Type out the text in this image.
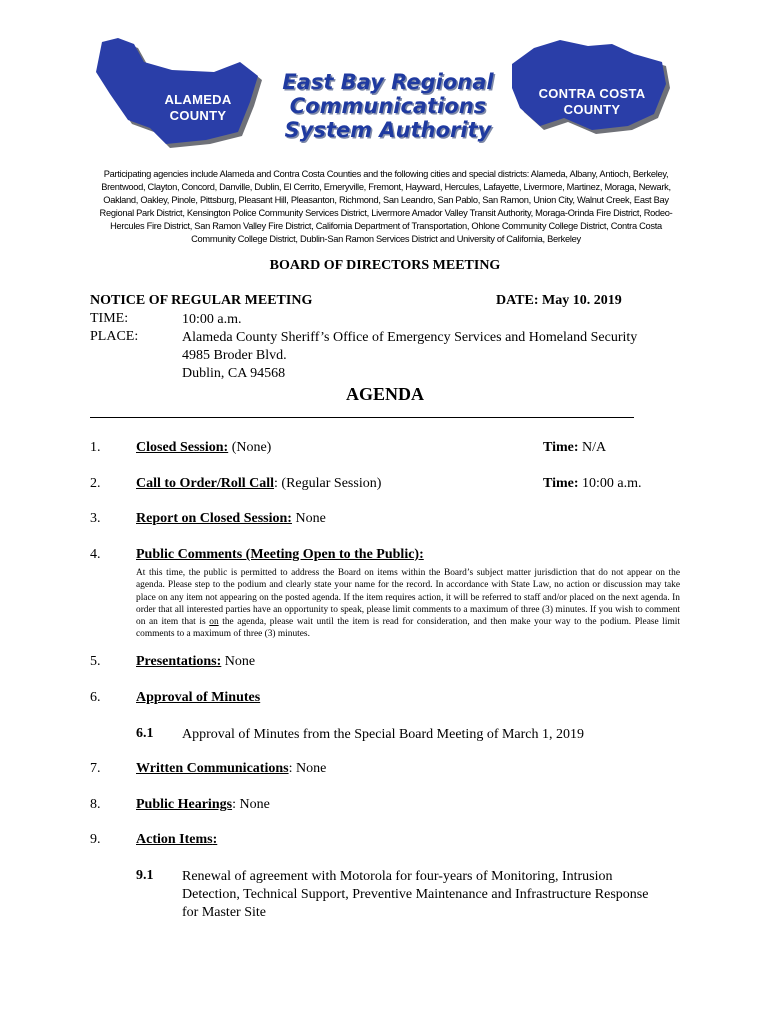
ALAMEDA
COUNTY
East Bay Regional
Communications
System Authority
CONTRA COSTA
COUNTY
Participating agencies include Alameda and Contra Costa Counties and the following cities and special districts: Alameda, Albany, Antioch, Berkeley, Brentwood, Clayton, Concord, Danville, Dublin, El Cerrito, Emeryville, Fremont, Hayward, Hercules, Lafayette, Livermore, Martinez, Moraga, Newark, Oakland, Oakley, Pinole, Pittsburg, Pleasant Hill, Pleasanton, Richmond, San Leandro, San Pablo, San Ramon, Union City, Walnut Creek, East Bay Regional Park District, Kensington Police Community Services District, Livermore Amador Valley Transit Authority, Moraga-Orinda Fire District, Rodeo-Hercules Fire District, San Ramon Valley Fire District, California Department of Transportation, Ohlone Community College District, Contra Costa Community College District, Dublin-San Ramon Services District and University of California, Berkeley
BOARD OF DIRECTORS MEETING
NOTICE OF REGULAR MEETING	DATE: May 10. 2019
TIME:	10:00 a.m.
PLACE:	Alameda County Sheriff’s Office of Emergency Services and Homeland Security
4985 Broder Blvd.
Dublin, CA 94568
AGENDA
1.	Closed Session: (None)	Time: N/A
2.	Call to Order/Roll Call: (Regular Session)	Time: 10:00 a.m.
3.	Report on Closed Session: None
4.	Public Comments (Meeting Open to the Public):
At this time, the public is permitted to address the Board on items within the Board’s subject matter jurisdiction that do not appear on the agenda. Please step to the podium and clearly state your name for the record. In accordance with State Law, no action or discussion may take place on any item not appearing on the posted agenda. If the item requires action, it will be referred to staff and/or placed on the next agenda. In order that all interested parties have an opportunity to speak, please limit comments to a maximum of three (3) minutes. If you wish to comment on an item that is on the agenda, please wait until the item is read for consideration, and then make your way to the podium. Please limit comments to a maximum of three (3) minutes.
5.	Presentations: None
6.	Approval of Minutes
6.1 Approval of Minutes from the Special Board Meeting of March 1, 2019
7.	Written Communications: None
8.	Public Hearings: None
9.	Action Items:
9.1 Renewal of agreement with Motorola for four-years of Monitoring, Intrusion Detection, Technical Support, Preventive Maintenance and Infrastructure Response for Master Site
